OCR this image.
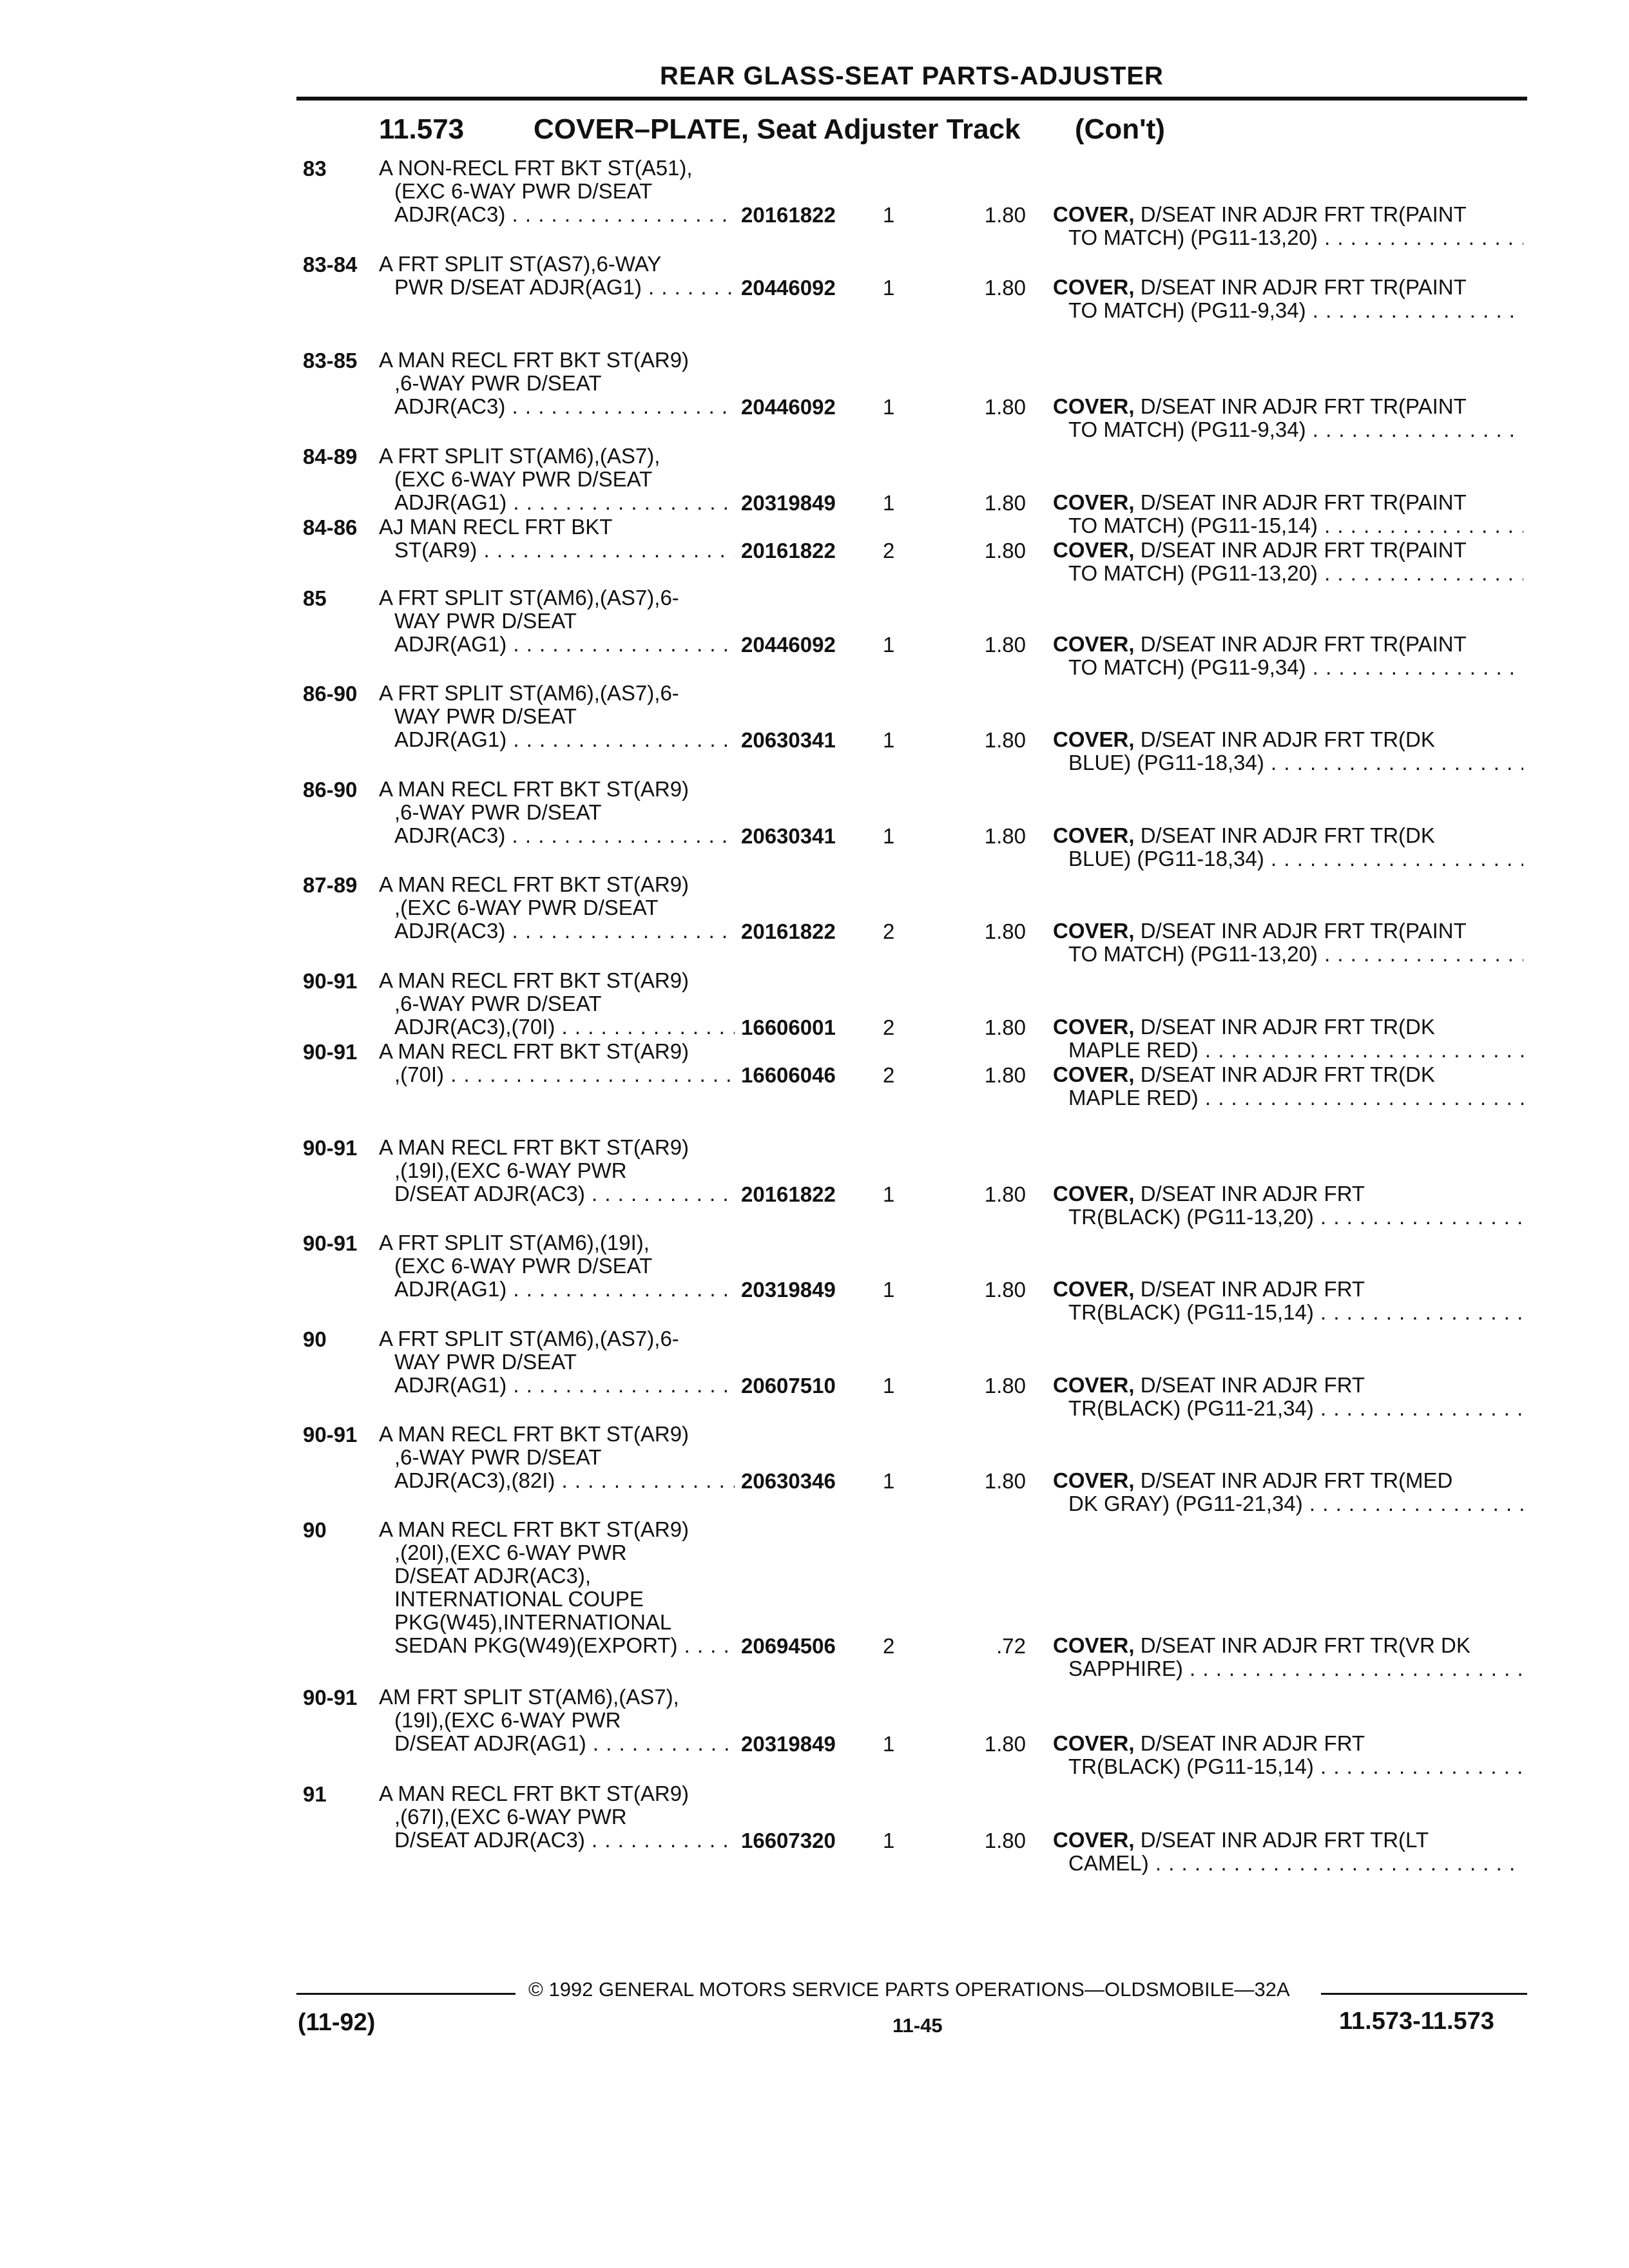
REAR GLASS-SEAT PARTS-ADJUSTER
11.573 COVER–PLATE, Seat Adjuster Track (Con't)
83 A NON-RECL FRT BKT ST(A51),
(EXC 6-WAY PWR D/SEAT
ADJR(AC3) . . .	20161822	1	1.80 COVER, D/SEAT INR ADJR FRT TR(PAINT
TO MATCH) (PG11-13,20) . . .
83-84 A FRT SPLIT ST(AS7),6-WAY
PWR D/SEAT ADJR(AG1) . . .	20446092	1	1.80 COVER, D/SEAT INR ADJR FRT TR(PAINT
TO MATCH) (PG11-9,34) . . .
83-85 A MAN RECL FRT BKT ST(AR9)
,6-WAY PWR D/SEAT
ADJR(AC3) . . .	20446092	1	1.80 COVER, D/SEAT INR ADJR FRT TR(PAINT
TO MATCH) (PG11-9,34) . . .
84-89 A FRT SPLIT ST(AM6),(AS7),
(EXC 6-WAY PWR D/SEAT
ADJR(AG1) . . .	20319849	1	1.80 COVER, D/SEAT INR ADJR FRT TR(PAINT
TO MATCH) (PG11-15,14) . . .
84-86 AJ MAN RECL FRT BKT
ST(AR9) . . .	20161822	2	1.80 COVER, D/SEAT INR ADJR FRT TR(PAINT
TO MATCH) (PG11-13,20) . . .
85 A FRT SPLIT ST(AM6),(AS7),6-
WAY PWR D/SEAT
ADJR(AG1) . . .	20446092	1	1.80 COVER, D/SEAT INR ADJR FRT TR(PAINT
TO MATCH) (PG11-9,34) . . .
86-90 A FRT SPLIT ST(AM6),(AS7),6-
WAY PWR D/SEAT
ADJR(AG1) . . .	20630341	1	1.80 COVER, D/SEAT INR ADJR FRT TR(DK
BLUE) (PG11-18,34) . . .
86-90 A MAN RECL FRT BKT ST(AR9)
,6-WAY PWR D/SEAT
ADJR(AC3) . . .	20630341	1	1.80 COVER, D/SEAT INR ADJR FRT TR(DK
BLUE) (PG11-18,34) . . .
87-89 A MAN RECL FRT BKT ST(AR9)
,(EXC 6-WAY PWR D/SEAT
ADJR(AC3) . . .	20161822	2	1.80 COVER, D/SEAT INR ADJR FRT TR(PAINT
TO MATCH) (PG11-13,20) . . .
90-91 A MAN RECL FRT BKT ST(AR9)
,6-WAY PWR D/SEAT
ADJR(AC3),(70I) . . .	16606001	2	1.80 COVER, D/SEAT INR ADJR FRT TR(DK
MAPLE RED) . . .
90-91 A MAN RECL FRT BKT ST(AR9)
,(70I) . . .	16606046	2	1.80 COVER, D/SEAT INR ADJR FRT TR(DK
MAPLE RED) . . .
90-91 A MAN RECL FRT BKT ST(AR9)
,(19I),(EXC 6-WAY PWR
D/SEAT ADJR(AC3) . . .	20161822	1	1.80 COVER, D/SEAT INR ADJR FRT
TR(BLACK) (PG11-13,20) . . .
90-91 A FRT SPLIT ST(AM6),(19I),
(EXC 6-WAY PWR D/SEAT
ADJR(AG1) . . .	20319849	1	1.80 COVER, D/SEAT INR ADJR FRT
TR(BLACK) (PG11-15,14) . . .
90 A FRT SPLIT ST(AM6),(AS7),6-
WAY PWR D/SEAT
ADJR(AG1) . . .	20607510	1	1.80 COVER, D/SEAT INR ADJR FRT
TR(BLACK) (PG11-21,34) . . .
90-91 A MAN RECL FRT BKT ST(AR9)
,6-WAY PWR D/SEAT
ADJR(AC3),(82I) . . .	20630346	1	1.80 COVER, D/SEAT INR ADJR FRT TR(MED
DK GRAY) (PG11-21,34) . . .
90 A MAN RECL FRT BKT ST(AR9)
,(20I),(EXC 6-WAY PWR
D/SEAT ADJR(AC3),
INTERNATIONAL COUPE
PKG(W45),INTERNATIONAL
SEDAN PKG(W49)(EXPORT) . . .	20694506	2	.72 COVER, D/SEAT INR ADJR FRT TR(VR DK
SAPPHIRE) . . .
90-91 AM FRT SPLIT ST(AM6),(AS7),
(19I),(EXC 6-WAY PWR
D/SEAT ADJR(AG1) . . .	20319849	1	1.80 COVER, D/SEAT INR ADJR FRT
TR(BLACK) (PG11-15,14) . . .
91 A MAN RECL FRT BKT ST(AR9)
,(67I),(EXC 6-WAY PWR
D/SEAT ADJR(AC3) . . .	16607320	1	1.80 COVER, D/SEAT INR ADJR FRT TR(LT
CAMEL) . . .
© 1992 GENERAL MOTORS SERVICE PARTS OPERATIONS—OLDSMOBILE—32A
(11-92)	11-45	11.573-11.573
